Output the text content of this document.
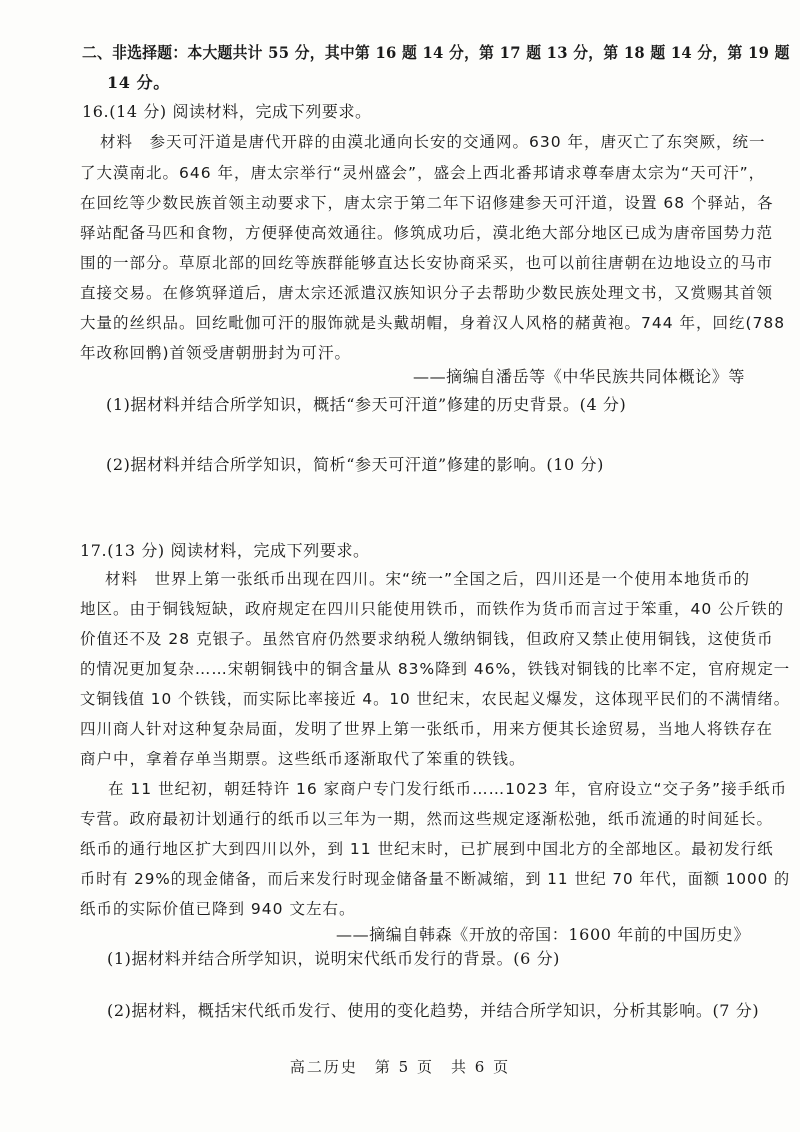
二、非选择题：本大题共计 55 分，其中第 16 题 14 分，第 17 题 13 分，第 18 题 14 分，第 19 题
14 分。
16.(14 分) 阅读材料，完成下列要求。
材料　参天可汗道是唐代开辟的由漠北通向长安的交通网。630 年，唐灭亡了东突厥，统一
了大漠南北。646 年，唐太宗举行“灵州盛会”，盛会上西北番邦请求尊奉唐太宗为“天可汗”，
在回纥等少数民族首领主动要求下，唐太宗于第二年下诏修建参天可汗道，设置 68 个驿站，各
驿站配备马匹和食物，方便驿使高效通往。修筑成功后，漠北绝大部分地区已成为唐帝国势力范
围的一部分。草原北部的回纥等族群能够直达长安协商采买，也可以前往唐朝在边地设立的马市
直接交易。在修筑驿道后，唐太宗还派遣汉族知识分子去帮助少数民族处理文书，又赏赐其首领
大量的丝织品。回纥毗伽可汗的服饰就是头戴胡帽，身着汉人风格的赭黄袍。744 年，回纥(788
年改称回鹘)首领受唐朝册封为可汗。
——摘编自潘岳等《中华民族共同体概论》等
(1)据材料并结合所学知识，概括“参天可汗道”修建的历史背景。(4 分)
(2)据材料并结合所学知识，简析“参天可汗道”修建的影响。(10 分)
17.(13 分) 阅读材料，完成下列要求。
材料　世界上第一张纸币出现在四川。宋“统一”全国之后，四川还是一个使用本地货币的
地区。由于铜钱短缺，政府规定在四川只能使用铁币，而铁作为货币而言过于笨重，40 公斤铁的
价值还不及 28 克银子。虽然官府仍然要求纳税人缴纳铜钱，但政府又禁止使用铜钱，这使货币
的情况更加复杂……宋朝铜钱中的铜含量从 83%降到 46%，铁钱对铜钱的比率不定，官府规定一
文铜钱值 10 个铁钱，而实际比率接近 4。10 世纪末，农民起义爆发，这体现平民们的不满情绪。
四川商人针对这种复杂局面，发明了世界上第一张纸币，用来方便其长途贸易，当地人将铁存在
商户中，拿着存单当期票。这些纸币逐渐取代了笨重的铁钱。
在 11 世纪初，朝廷特许 16 家商户专门发行纸币……1023 年，官府设立“交子务”接手纸币
专营。政府最初计划通行的纸币以三年为一期，然而这些规定逐渐松弛，纸币流通的时间延长。
纸币的通行地区扩大到四川以外，到 11 世纪末时，已扩展到中国北方的全部地区。最初发行纸
币时有 29%的现金储备，而后来发行时现金储备量不断减缩，到 11 世纪 70 年代，面额 1000 的
纸币的实际价值已降到 940 文左右。
——摘编自韩森《开放的帝国：1600 年前的中国历史》
(1)据材料并结合所学知识，说明宋代纸币发行的背景。(6 分)
(2)据材料，概括宋代纸币发行、使用的变化趋势，并结合所学知识，分析其影响。(7 分)
高二历史　第 5 页　共 6 页
